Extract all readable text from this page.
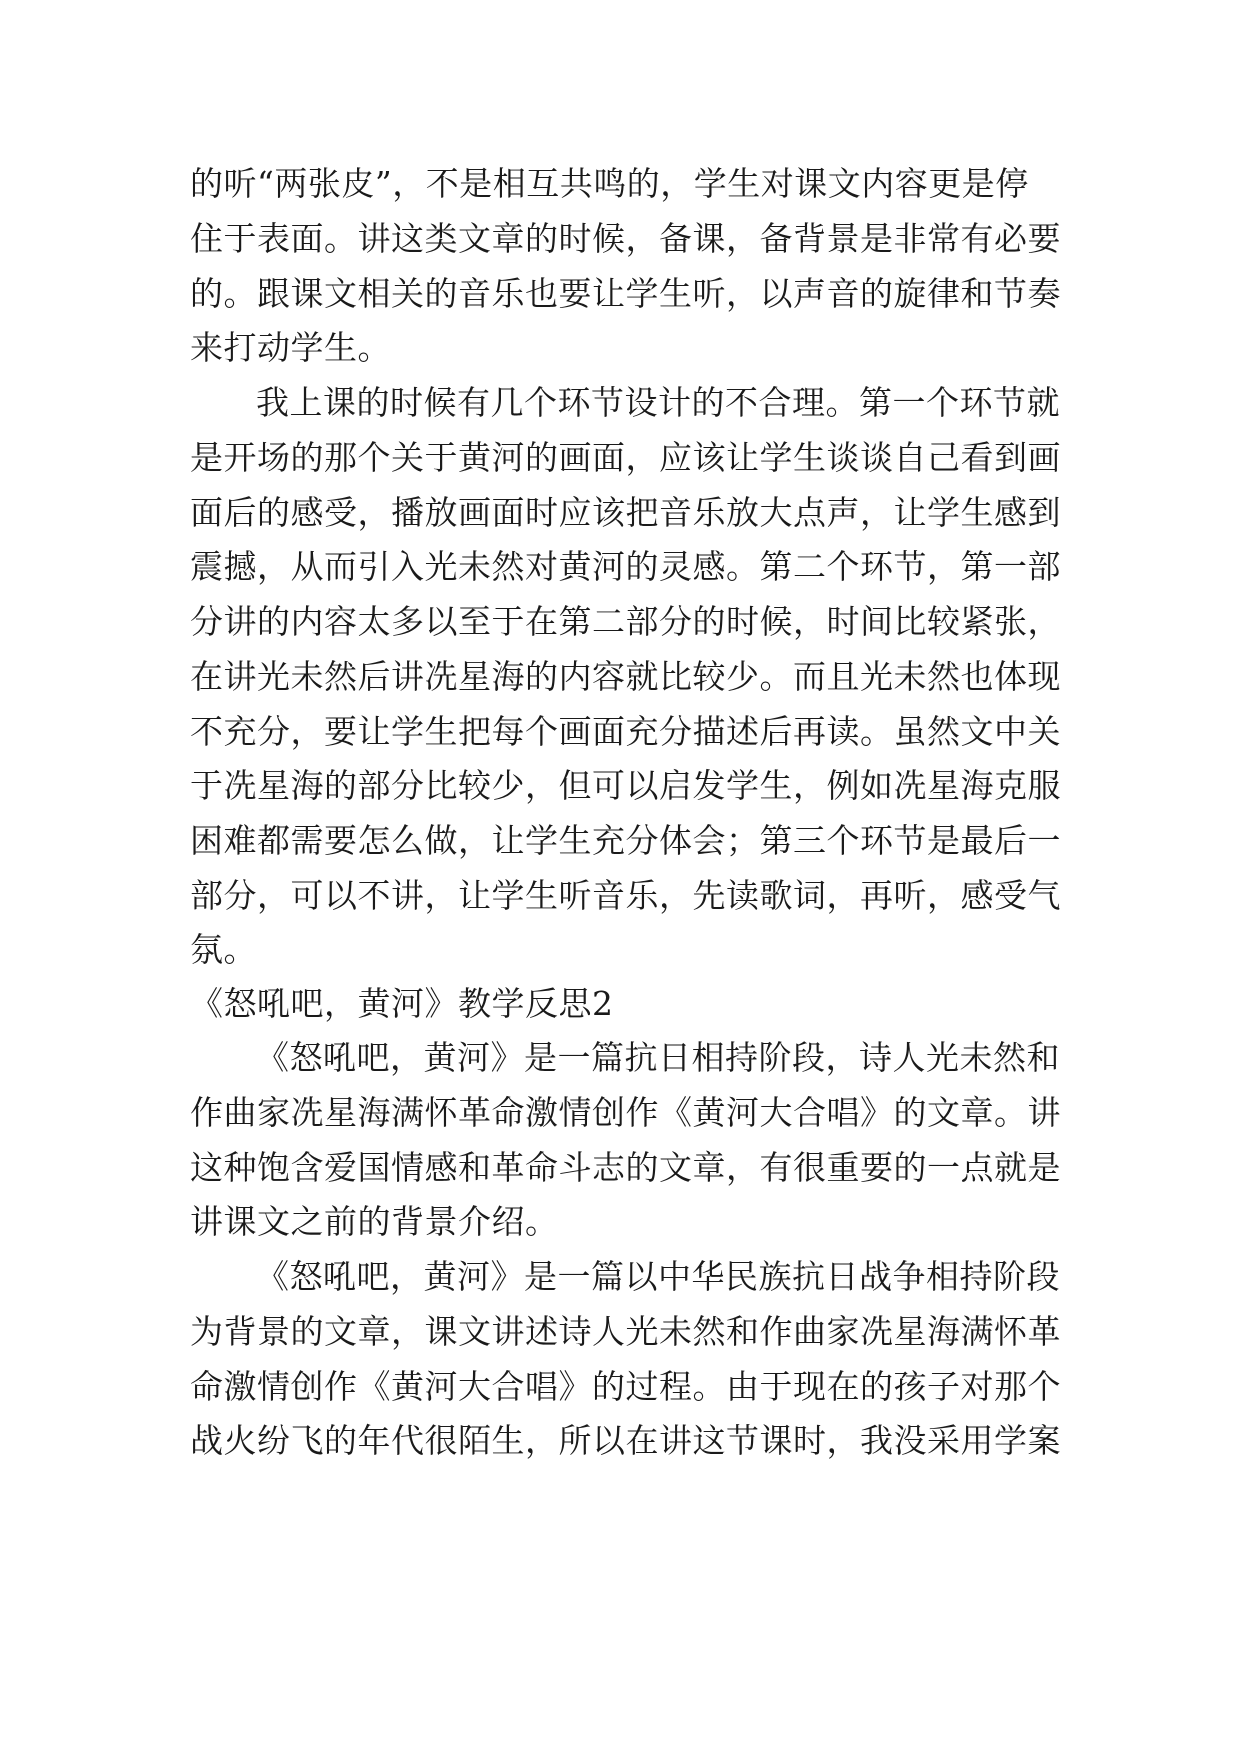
的听“两张皮”，不是相互共鸣的，学生对课文内容更是停
住于表面。讲这类文章的时候，备课，备背景是非常有必要
的。跟课文相关的音乐也要让学生听，以声音的旋律和节奏
来打动学生。
我上课的时候有几个环节设计的不合理。第一个环节就
是开场的那个关于黄河的画面，应该让学生谈谈自己看到画
面后的感受，播放画面时应该把音乐放大点声，让学生感到
震撼，从而引入光未然对黄河的灵感。第二个环节，第一部
分讲的内容太多以至于在第二部分的时候，时间比较紧张，
在讲光未然后讲冼星海的内容就比较少。而且光未然也体现
不充分，要让学生把每个画面充分描述后再读。虽然文中关
于冼星海的部分比较少，但可以启发学生，例如冼星海克服
困难都需要怎么做，让学生充分体会；第三个环节是最后一
部分，可以不讲，让学生听音乐，先读歌词，再听，感受气
氛。
《怒吼吧，黄河》教学反思2
《怒吼吧，黄河》是一篇抗日相持阶段，诗人光未然和
作曲家冼星海满怀革命激情创作《黄河大合唱》的文章。讲
这种饱含爱国情感和革命斗志的文章，有很重要的一点就是
讲课文之前的背景介绍。
《怒吼吧，黄河》是一篇以中华民族抗日战争相持阶段
为背景的文章，课文讲述诗人光未然和作曲家冼星海满怀革
命激情创作《黄河大合唱》的过程。由于现在的孩子对那个
战火纷飞的年代很陌生，所以在讲这节课时，我没采用学案
